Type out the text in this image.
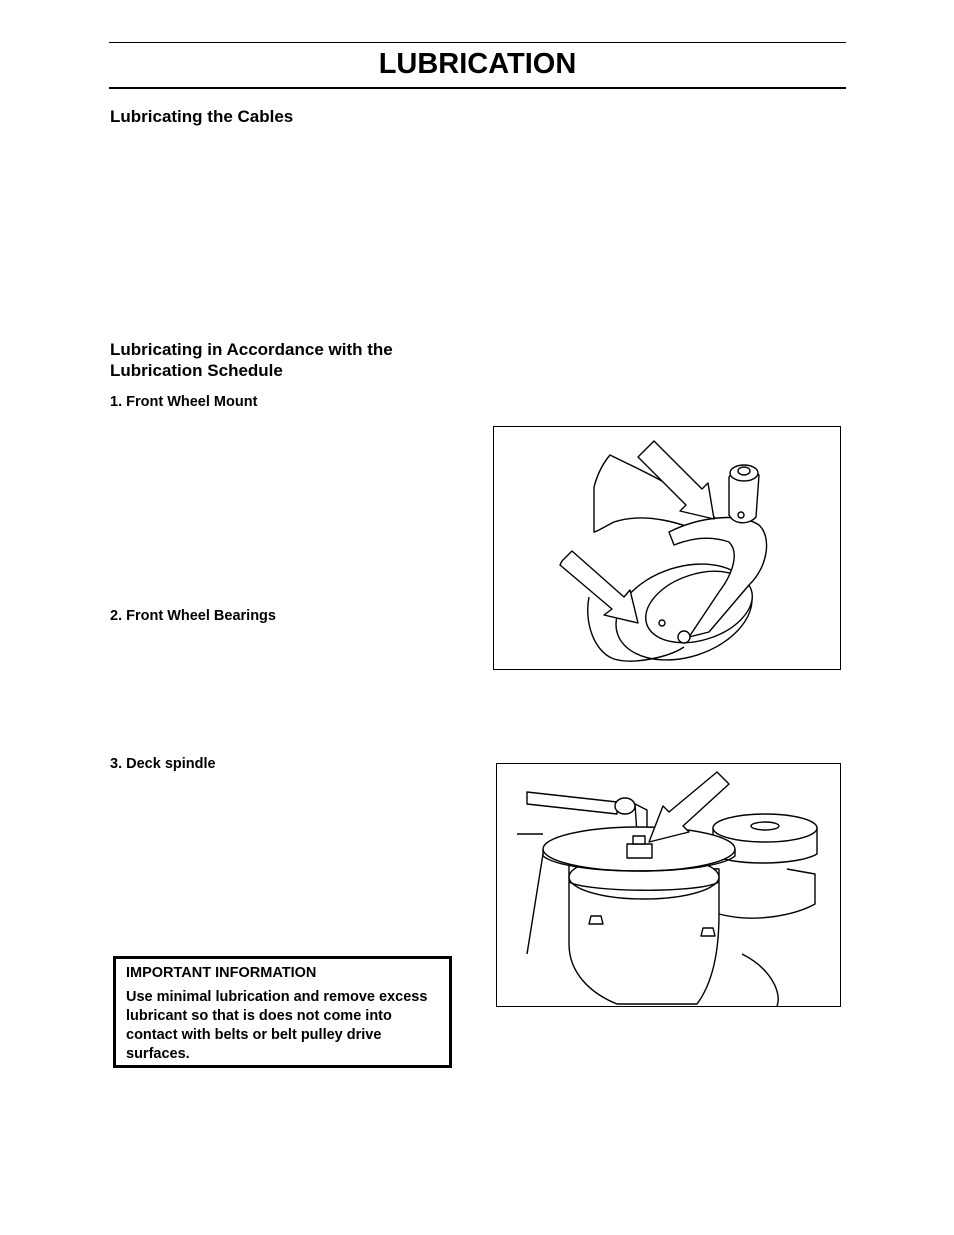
LUBRICATION
Lubricating the Cables
Lubricating in Accordance with the
Lubrication Schedule
1. Front Wheel Mount
2. Front Wheel Bearings
3. Deck spindle

IMPORTANT INFORMATION

Use minimal lubrication and remove excess lubricant so that is does not come into contact with belts or belt pulley drive surfaces.
